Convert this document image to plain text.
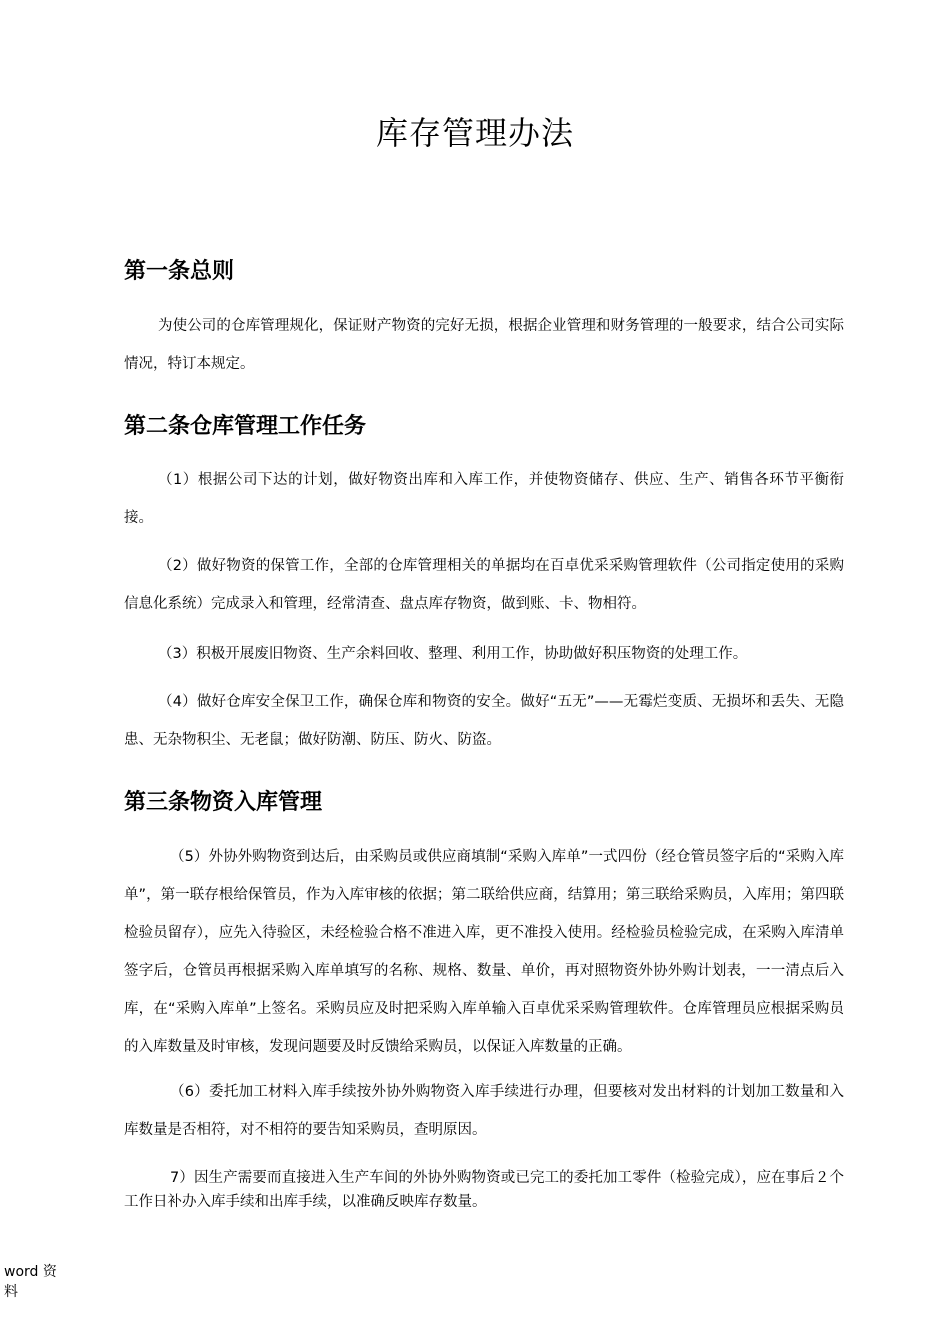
库存管理办法
第一条总则

为使公司的仓库管理规化，保证财产物资的完好无损，根据企业管理和财务管理的一般要求，结合公司实际情况，特订本规定。

第二条仓库管理工作任务

（1）根据公司下达的计划，做好物资出库和入库工作，并使物资储存、供应、生产、销售各环节平衡衔接。

（2）做好物资的保管工作，全部的仓库管理相关的单据均在百卓优采采购管理软件（公司指定使用的采购信息化系统）完成录入和管理，经常清查、盘点库存物资，做到账、卡、物相符。

（3）积极开展废旧物资、生产余料回收、整理、利用工作，协助做好积压物资的处理工作。

（4）做好仓库安全保卫工作，确保仓库和物资的安全。做好“五无”——无霉烂变质、无损坏和丢失、无隐患、无杂物积尘、无老鼠；做好防潮、防压、防火、防盗。

第三条物资入库管理

（5）外协外购物资到达后，由采购员或供应商填制“采购入库单”一式四份（经仓管员签字后的“采购入库单”，第一联存根给保管员，作为入库审核的依据；第二联给供应商，结算用；第三联给采购员，入库用；第四联检验员留存），应先入待验区，未经检验合格不准进入库，更不准投入使用。经检验员检验完成，在采购入库清单签字后，仓管员再根据采购入库单填写的名称、规格、数量、单价，再对照物资外协外购计划表，一一清点后入库，在“采购入库单”上签名。采购员应及时把采购入库单输入百卓优采采购管理软件。仓库管理员应根据采购员的入库数量及时审核，发现问题要及时反馈给采购员，以保证入库数量的正确。

（6）委托加工材料入库手续按外协外购物资入库手续进行办理，但要核对发出材料的计划加工数量和入库数量是否相符，对不相符的要告知采购员，查明原因。

7）因生产需要而直接进入生产车间的外协外购物资或已完工的委托加工零件（检验完成），应在事后２个工作日补办入库手续和出库手续，以准确反映库存数量。

word 资料
